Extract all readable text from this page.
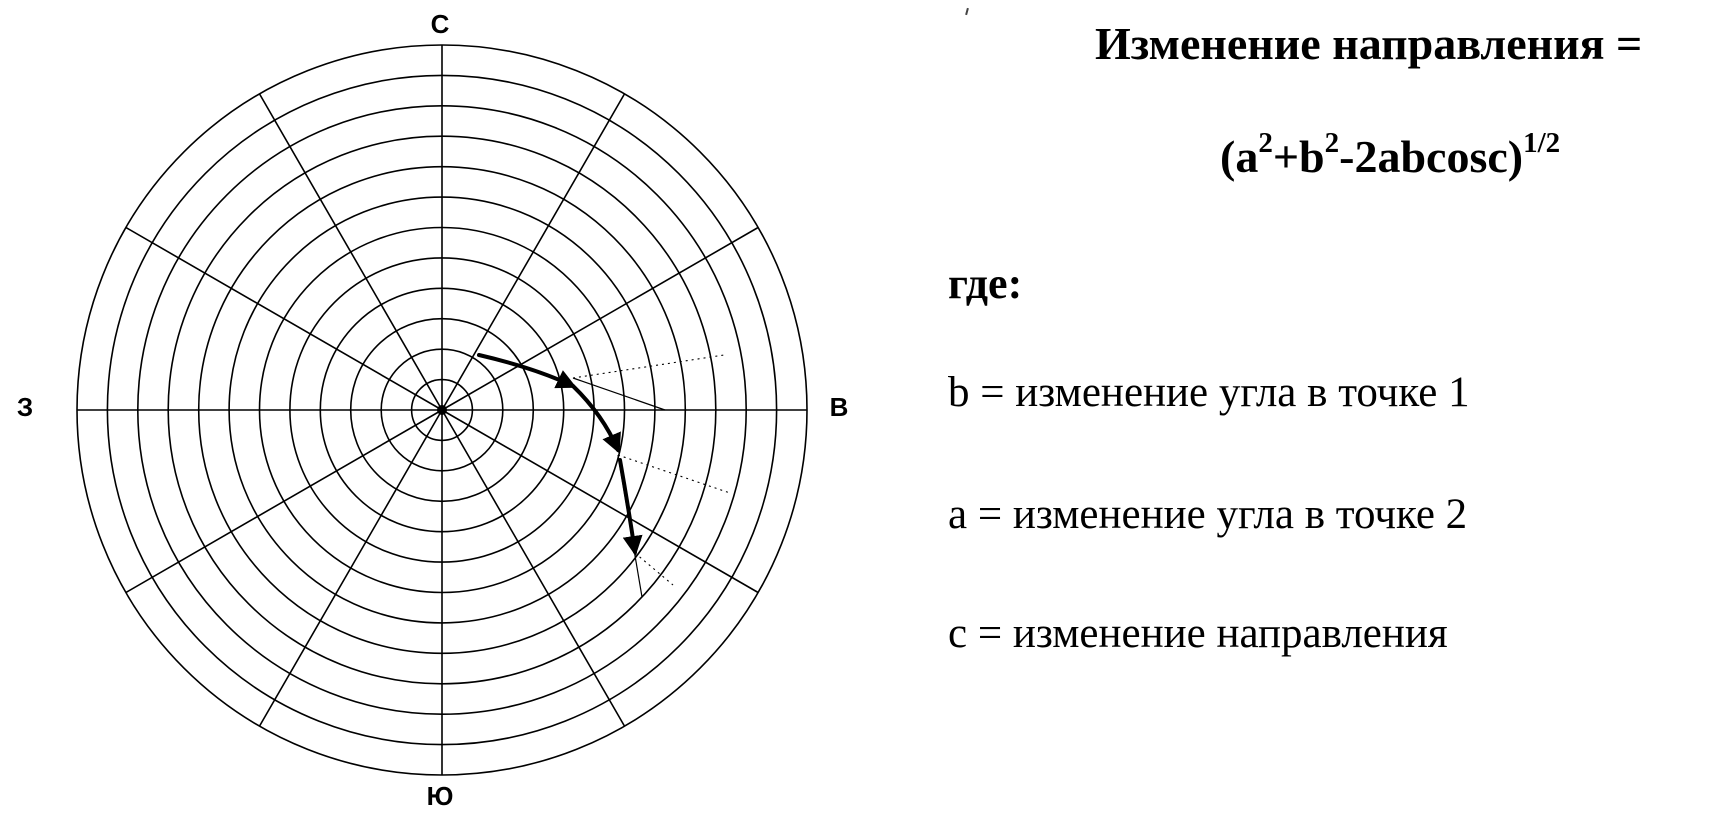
С
В
З
Ю
Изменение направления =
$(a^2+b^2-2abcosc)^{1/2}$
где:
b = изменение угла в точке 1
a = изменение угла в точке 2
c = изменение направления
